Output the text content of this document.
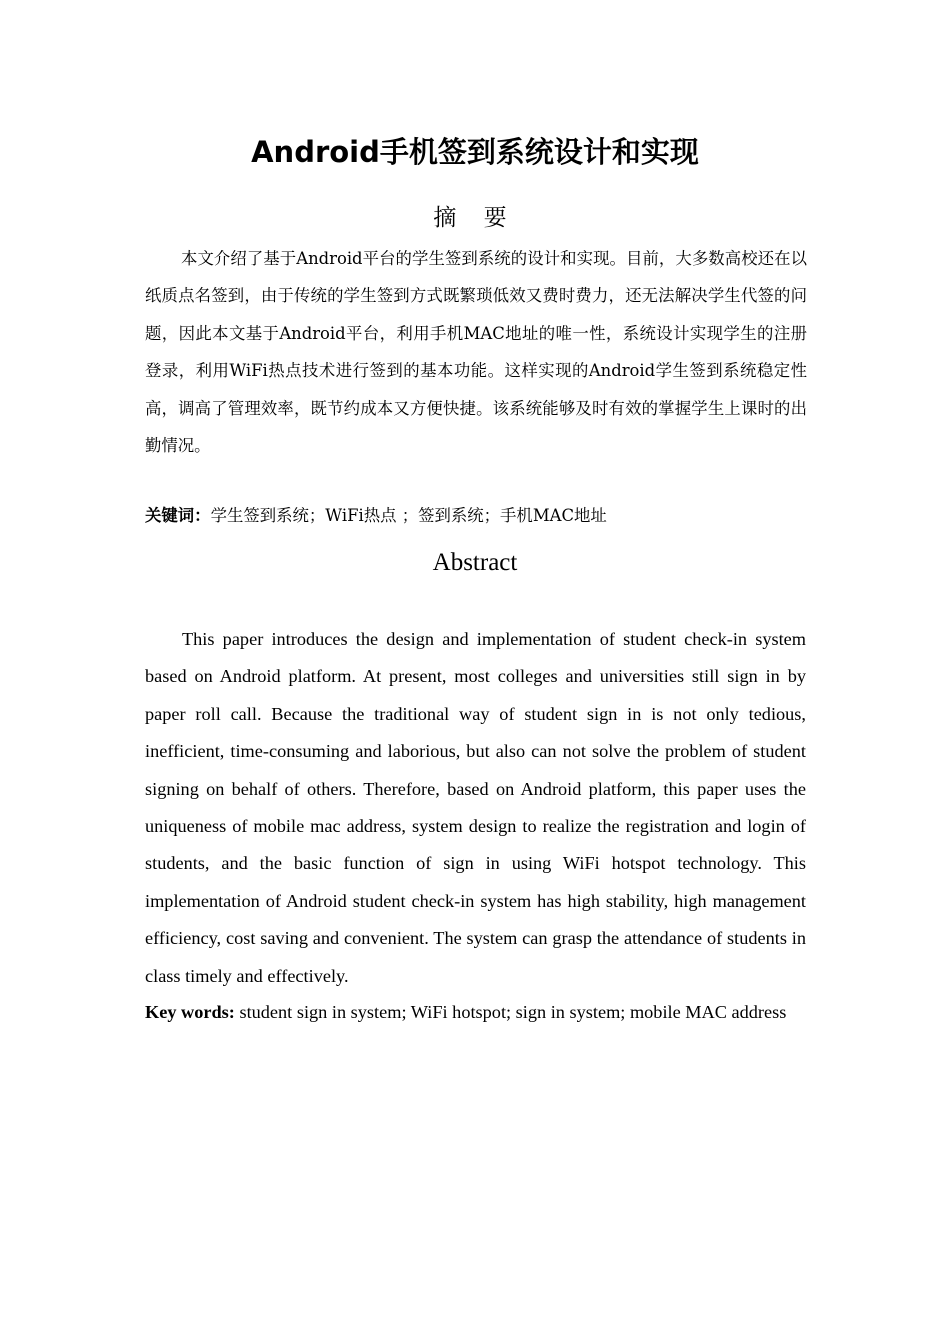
Android手机签到系统设计和实现
摘 要

本文介绍了基于Android平台的学生签到系统的设计和实现。目前，大多数高校还在以纸质点名签到，由于传统的学生签到方式既繁琐低效又费时费力，还无法解决学生代签的问题，因此本文基于Android平台，利用手机MAC地址的唯一性，系统设计实现学生的注册登录，利用WiFi热点技术进行签到的基本功能。这样实现的Android学生签到系统稳定性高，调高了管理效率，既节约成本又方便快捷。该系统能够及时有效的掌握学生上课时的出勤情况。

关键词：学生签到系统；WiFi热点 ；签到系统；手机MAC地址

Abstract

This paper introduces the design and implementation of student check-in system based on Android platform. At present, most colleges and universities still sign in by paper roll call. Because the traditional way of student sign in is not only tedious, inefficient, time-consuming and laborious, but also can not solve the problem of student signing on behalf of others. Therefore, based on Android platform, this paper uses the uniqueness of mobile mac address, system design to realize the registration and login of students, and the basic function of sign in using WiFi hotspot technology. This implementation of Android student check-in system has high stability, high management efficiency, cost saving and convenient. The system can grasp the attendance of students in class timely and effectively.

Key words: student sign in system; WiFi hotspot; sign in system; mobile MAC address
